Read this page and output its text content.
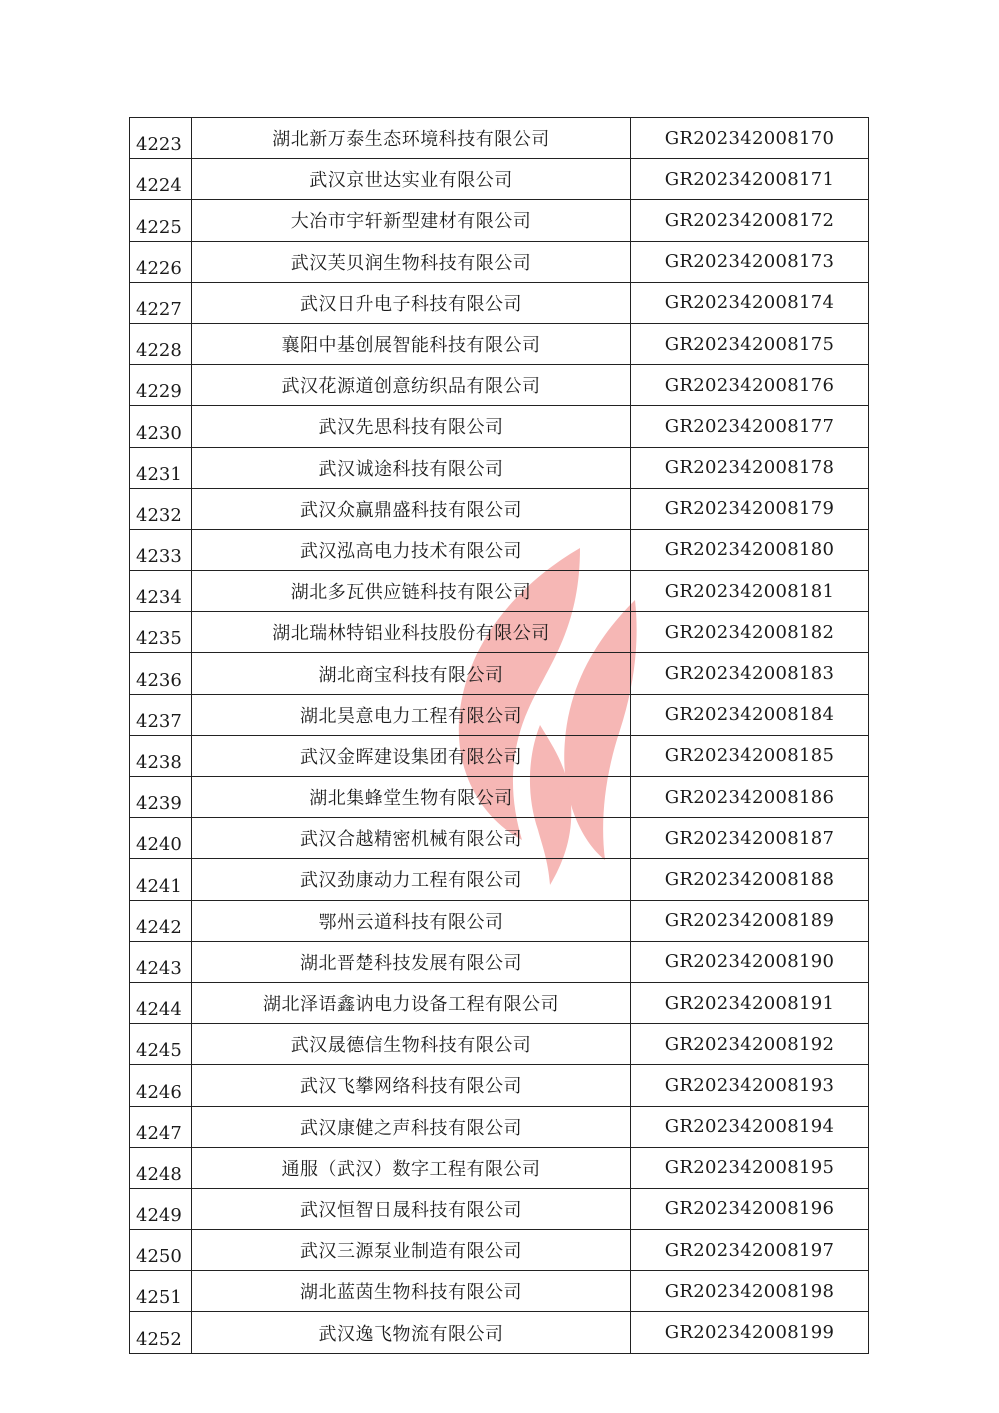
4223	湖北新万泰生态环境科技有限公司	GR202342008170
4224	武汉京世达实业有限公司	GR202342008171
4225	大冶市宇轩新型建材有限公司	GR202342008172
4226	武汉芙贝润生物科技有限公司	GR202342008173
4227	武汉日升电子科技有限公司	GR202342008174
4228	襄阳中基创展智能科技有限公司	GR202342008175
4229	武汉花源道创意纺织品有限公司	GR202342008176
4230	武汉先思科技有限公司	GR202342008177
4231	武汉诚途科技有限公司	GR202342008178
4232	武汉众赢鼎盛科技有限公司	GR202342008179
4233	武汉泓高电力技术有限公司	GR202342008180
4234	湖北多瓦供应链科技有限公司	GR202342008181
4235	湖北瑞林特铝业科技股份有限公司	GR202342008182
4236	湖北商宝科技有限公司	GR202342008183
4237	湖北昊意电力工程有限公司	GR202342008184
4238	武汉金晖建设集团有限公司	GR202342008185
4239	湖北集蜂堂生物有限公司	GR202342008186
4240	武汉合越精密机械有限公司	GR202342008187
4241	武汉劲康动力工程有限公司	GR202342008188
4242	鄂州云道科技有限公司	GR202342008189
4243	湖北晋楚科技发展有限公司	GR202342008190
4244	湖北泽语鑫讷电力设备工程有限公司	GR202342008191
4245	武汉晟德信生物科技有限公司	GR202342008192
4246	武汉飞攀网络科技有限公司	GR202342008193
4247	武汉康健之声科技有限公司	GR202342008194
4248	通服（武汉）数字工程有限公司	GR202342008195
4249	武汉恒智日晟科技有限公司	GR202342008196
4250	武汉三源泵业制造有限公司	GR202342008197
4251	湖北蓝茵生物科技有限公司	GR202342008198
4252	武汉逸飞物流有限公司	GR202342008199
